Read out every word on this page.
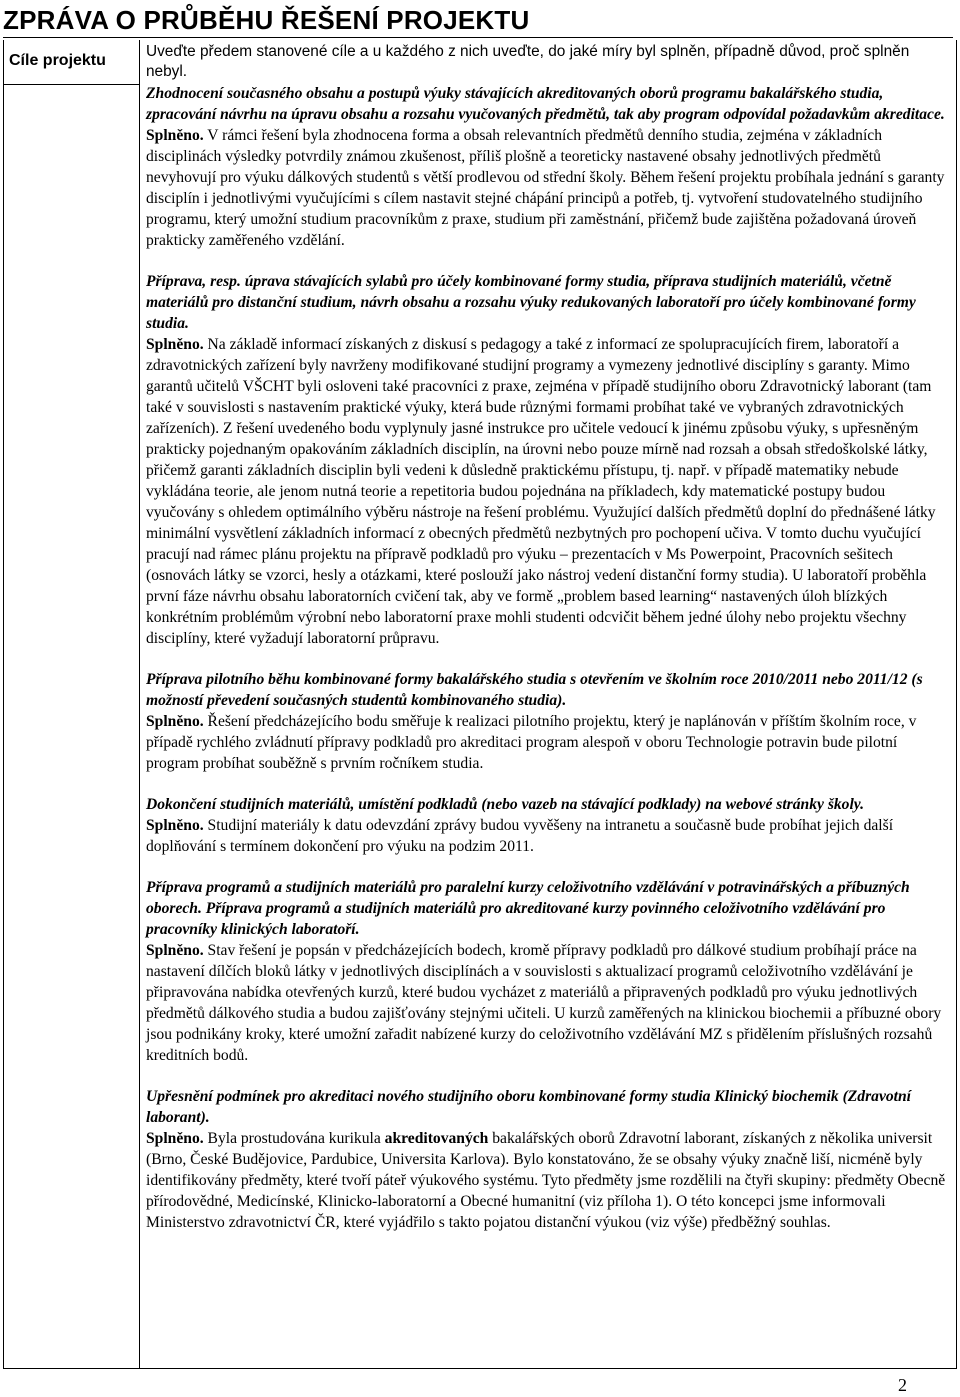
ZPRÁVA O PRŮBĚHU ŘEŠENÍ PROJEKTU
Cíle projektu
Uveďte předem stanovené cíle a u každého z nich uveďte, do jaké míry byl splněn, případně důvod, proč splněn nebyl.

Zhodnocení současného obsahu a postupů výuky stávajících akreditovaných oborů programu bakalářského studia, zpracování návrhu na úpravu obsahu a rozsahu vyučovaných předmětů, tak aby program odpovídal požadavkům akreditace.

Splněno. V rámci řešení byla zhodnocena forma a obsah relevantních předmětů denního studia, zejména v základních disciplinách výsledky potvrdily známou zkušenost, příliš plošně a teoreticky nastavené obsahy jednotlivých předmětů nevyhovují pro výuku dálkových studentů s větší prodlevou od střední školy. Během řešení projektu probíhala jednání s garanty disciplín i jednotlivými vyučujícími s cílem nastavit stejné chápání principů a potřeb, tj. vytvoření studovatelného studijního programu, který umožní studium pracovníkům z praxe, studium při zaměstnání, přičemž bude zajištěna požadovaná úroveň prakticky zaměřeného vzdělání.

Příprava, resp. úprava stávajících sylabů pro účely kombinované formy studia, příprava studijních materiálů, včetně materiálů pro distanční studium, návrh obsahu a rozsahu výuky redukovaných laboratoří pro účely kombinované formy studia.

Splněno. Na základě informací získaných z diskusí s pedagogy a také z informací ze spolupracujících firem, laboratoří a zdravotnických zařízení byly navrženy modifikované studijní programy a vymezeny jednotlivé disciplíny s garanty. Mimo garantů učitelů VŠCHT byli osloveni také pracovníci z praxe, zejména v případě studijního oboru Zdravotnický laborant (tam také v souvislosti s nastavením praktické výuky, která bude různými formami probíhat také ve vybraných zdravotnických zařízeních). Z řešení uvedeného bodu vyplynuly jasné instrukce pro učitele vedoucí k jinému způsobu výuky, s upřesněným prakticky pojednaným opakováním základních disciplín, na úrovni nebo pouze mírně nad rozsah a obsah středoškolské látky, přičemž garanti základních disciplin byli vedeni k důsledně praktickému přístupu, tj. např. v případě matematiky nebude vykládána teorie, ale jenom nutná teorie a repetitoria budou pojednána na příkladech, kdy matematické postupy budou vyučovány s ohledem optimálního výběru nástroje na řešení problému. Využující dalších předmětů doplní do přednášené látky minimální vysvětlení základních informací z obecných předmětů nezbytných pro pochopení učiva. V tomto duchu vyučující pracují nad rámec plánu projektu na přípravě podkladů pro výuku – prezentacích v Ms Powerpoint, Pracovních sešitech (osnovách látky se vzorci, hesly a otázkami, které poslouží jako nástroj vedení distanční formy studia). U laboratoří proběhla první fáze návrhu obsahu laboratorních cvičení tak, aby ve formě „problem based learning“ nastavených úloh blízkých konkrétním problémům výrobní nebo laboratorní praxe mohli studenti odcvičit během jedné úlohy nebo projektu všechny disciplíny, které vyžadují laboratorní průpravu.

Příprava pilotního běhu kombinované formy bakalářského studia s otevřením ve školním roce 2010/2011 nebo 2011/12 (s možností převedení současných studentů kombinovaného studia).

Splněno. Řešení předcházejícího bodu směřuje k realizaci pilotního projektu, který je naplánován v příštím školním roce, v případě rychlého zvládnutí přípravy podkladů pro akreditaci program alespoň v oboru Technologie potravin bude pilotní program probíhat souběžně s prvním ročníkem studia.

Dokončení studijních materiálů, umístění podkladů (nebo vazeb na stávající podklady) na webové stránky školy.

Splněno. Studijní materiály k datu odevzdání zprávy budou vyvěšeny na intranetu a současně bude probíhat jejich další doplňování s termínem dokončení pro výuku na podzim 2011.

Příprava programů a studijních materiálů pro paralelní kurzy celoživotního vzdělávání v potravinářských a příbuzných oborech. Příprava programů a studijních materiálů pro akreditované kurzy povinného celoživotního vzdělávání pro pracovníky klinických laboratoří.

Splněno. Stav řešení je popsán v předcházejících bodech, kromě přípravy podkladů pro dálkové studium probíhají práce na nastavení dílčích bloků látky v jednotlivých disciplínách a v souvislosti s aktualizací programů celoživotního vzdělávání je připravována nabídka otevřených kurzů, které budou vycházet z materiálů a připravených podkladů pro výuku jednotlivých předmětů dálkového studia a budou zajišťovány stejnými učiteli. U kurzů zaměřených na klinickou biochemii a příbuzné obory jsou podnikány kroky, které umožní zařadit nabízené kurzy do celoživotního vzdělávání MZ s přidělením příslušných rozsahů kreditních bodů.

Upřesnění podmínek pro akreditaci nového studijního oboru kombinované formy studia Klinický biochemik (Zdravotní laborant).

Splněno. Byla prostudována kurikula akreditovaných bakalářských oborů Zdravotní laborant, získaných z několika universit (Brno, České Budějovice, Pardubice, Universita Karlova). Bylo konstatováno, že se obsahy výuky značně liší, nicméně byly identifikovány předměty, které tvoří páteř výukového systému. Tyto předměty jsme rozdělili na čtyři skupiny: předměty Obecně přírodovědné, Medicínské, Klinicko-laboratorní a Obecné humanitní (viz příloha 1). O této koncepci jsme informovali Ministerstvo zdravotnictví ČR, které vyjádřilo s takto pojatou distanční výukou (viz výše) předběžný souhlas.

2
